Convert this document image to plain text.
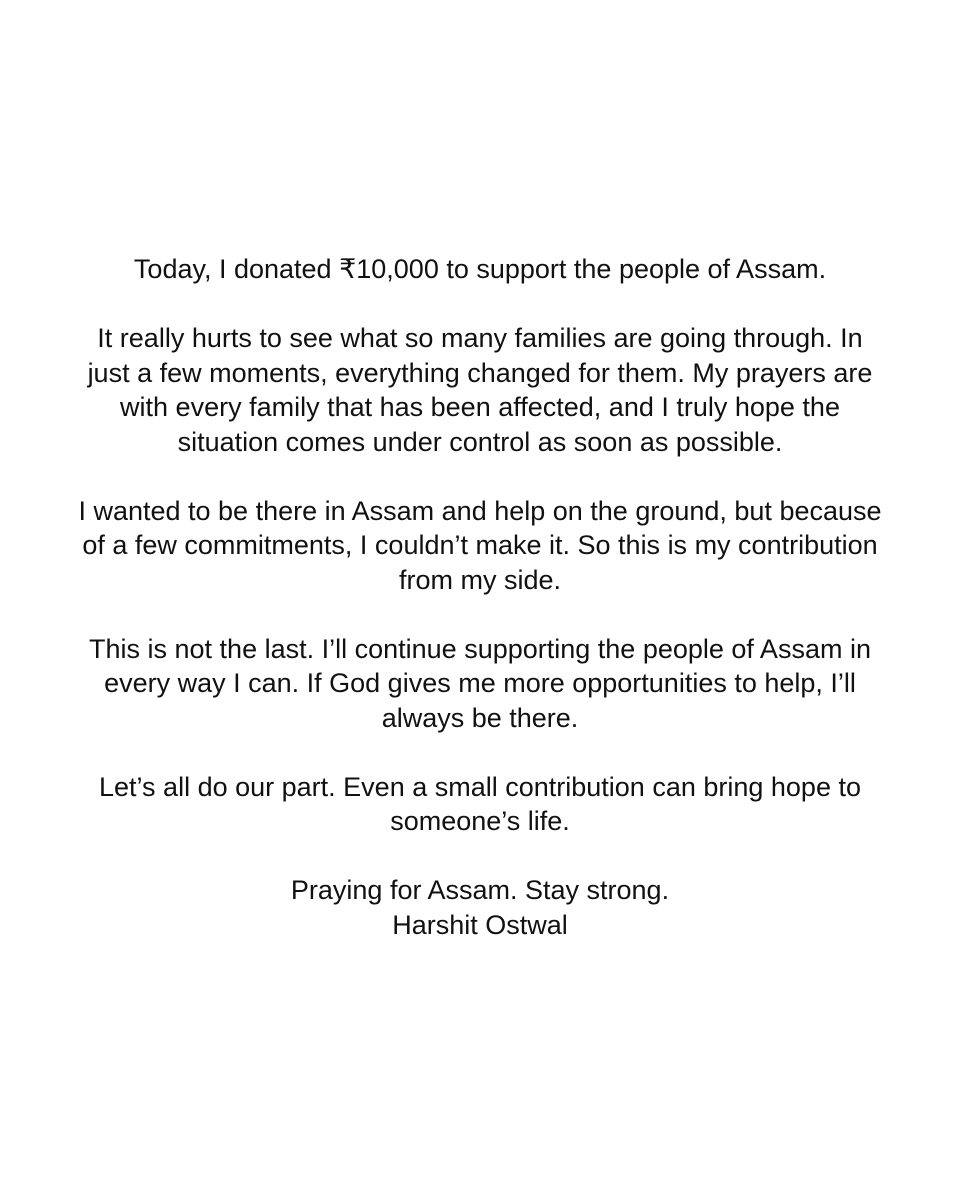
Today, I donated ₹10,000 to support the people of Assam.

It really hurts to see what so many families are going through. In
just a few moments, everything changed for them. My prayers are
with every family that has been affected, and I truly hope the
situation comes under control as soon as possible.

I wanted to be there in Assam and help on the ground, but because
of a few commitments, I couldn’t make it. So this is my contribution
from my side.

This is not the last. I’ll continue supporting the people of Assam in
every way I can. If God gives me more opportunities to help, I’ll
always be there.

Let’s all do our part. Even a small contribution can bring hope to
someone’s life.

Praying for Assam. Stay strong.
Harshit Ostwal
